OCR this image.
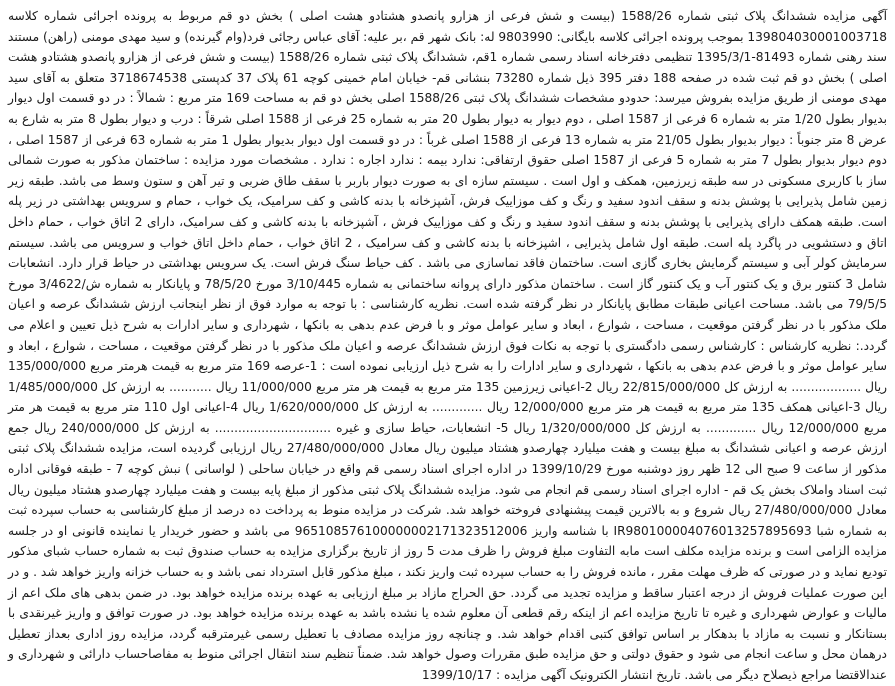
آگهی مزایده ششدانگ پلاک ثبتی شماره 1588/26 (بیست و شش فرعی از هزارو پانصدو هشتادو هشت اصلی ) بخش دو قم مربوط به پرونده اجرائی شماره کلاسه 139804030001003718 بموجب پرونده اجرائی کلاسه بایگانی: 9803990 له: بانک شهر قم ،بر علیه: آقای عباس رجائی فرد(وام گیرنده) و سید مهدی مومنی (راهن) مستند سند رهنی شماره 81493-1395/3/1 تنظیمی دفترخانه اسناد رسمی شماره 1قم، ششدانگ پلاک ثبتی شماره 1588/26 (بیست و شش فرعی از هزارو پانصدو هشتادو هشت اصلی ) بخش دو قم ثبت شده در صفحه 188 دفتر 395 ذیل شماره 73280 بنشانی قم- خیابان امام خمینی کوچه 61 پلاک 37 کدپستی 3718674538 متعلق به آقای سید مهدی مومنی از طریق مزایده بفروش میرسد: حدودو مشخصات ششدانگ پلاک ثبتی 1588/26 اصلی بخش دو قم به مساحت 169 متر مربع : شمالاً : در دو قسمت اول دیوار بدیوار بطول 1/20 متر به شماره 6 فرعی از 1587 اصلی ، دوم دیوار به دیوار بطول 20 متر به شماره 25 فرعی از 1588 اصلی شرقاً : درب و دیوار بطول 8 متر به شارع به عرض 8 متر جنوباً : دیوار بدیوار بطول 21/05 متر به شماره 13 فرعی از 1588 اصلی غرباً : در دو قسمت اول دیوار بدیوار بطول 1 متر به شماره 63 فرعی از 1587 اصلی ، دوم دیوار بدیوار بطول 7 متر به شماره 5 فرعی از 1587 اصلی حقوق ارتفاقی: ندارد بیمه : ندارد اجاره : ندارد . مشخصات مورد مزایده : ساختمان مذکور به صورت شمالی ساز با کاربری مسکونی در سه طبقه زیرزمین، همکف و اول است . سیستم سازه ای به صورت دیوار باربر با سقف طاق ضربی و تیر آهن و ستون وسط می باشد. طبقه زیر زمین شامل پذیرایی با پوشش بدنه و سقف اندود سفید و رنگ و کف موزاییک فرش، آشپزخانه با بدنه کاشی و کف سرامیک، یک خواب ، حمام و سرویس بهداشتی در زیر پله است. طبقه همکف دارای پذیرایی با پوشش بدنه و سقف اندود سفید و رنگ و کف موزاییک فرش ، آشپزخانه با بدنه کاشی و کف سرامیک، دارای 2 اتاق خواب ، حمام داخل اتاق و دستشویی در پاگرد پله است. طبقه اول شامل پذیرایی ، اشپزخانه با بدنه کاشی و کف سرامیک ، 2 اتاق خواب ، حمام داخل اتاق خواب و سرویس می باشد. سیستم سرمایش کولر آبی و سیستم گرمایش بخاری گازی است. ساختمان فاقد نماسازی می باشد . کف حیاط سنگ فرش است. یک سرویس بهداشتی در حیاط قرار دارد. انشعابات شامل 3 کنتور برق و یک کنتور آب و یک کنتور گاز است . ساختمان مذکور دارای پروانه ساختمانی به شماره 3/10/445 مورخ 78/5/20 و پایانکار به شماره ش/3/4622 مورخ 79/5/5 می باشد. مساحت اعیانی طبقات مطابق پایانکار در نظر گرفته شده است. نظریه کارشناسی : با توجه به موارد فوق از نظر اینجانب ارزش ششدانگ عرصه و اعیان ملک مذکور با در نظر گرفتن موقعیت ، مساحت ، شوارع ، ابعاد و سایر عوامل موثر و با فرض عدم بدهی به بانکها ، شهرداری و سایر ادارات به شرح ذیل تعیین و اعلام می گردد.: نظریه کارشناس : کارشناس رسمی دادگستری با توجه به نکات فوق ارزش ششدانگ عرصه و اعیان ملک مذکور با در نظر گرفتن موقعیت ، مساحت ، شوارع ، ابعاد و سایر عوامل موثر و با فرض عدم بدهی به بانکها ، شهرداری و سایر ادارات را به شرح ذیل ارزیابی نموده است : 1-عرصه 169 متر مربع به قیمت هرمتر مربع 135/000/000 ریال .................. به ارزش کل 22/815/000/000 ریال 2-اعیانی زیرزمین 135 متر مربع به قیمت هر متر مربع 11/000/000 ریال ........... به ارزش کل 1/485/000/000 ریال 3-اعیانی همکف 135 متر مربع به قیمت هر متر مربع 12/000/000 ریال ............. به ارزش کل 1/620/000/000 ریال 4-اعیانی اول 110 متر مربع به قیمت هر متر مربع 12/000/000 ریال ............. به ارزش کل 1/320/000/000 ریال 5- انشعابات، حیاط سازی و غیره .............................. به ارزش کل 240/000/000 ریال جمع ارزش عرصه و اعیانی ششدانگ به مبلغ بیست و هفت میلیارد چهارصدو هشتاد میلیون ریال معادل 27/480/000/000 ریال ارزیابی گردیده است، مزایده ششدانگ پلاک ثبتی مذکور از ساعت 9 صبح الی 12 ظهر روز دوشنبه مورخ 1399/10/29 در اداره اجرای اسناد رسمی قم واقع در خیابان ساحلی ( لواسانی ) نبش کوچه 7 - طبقه فوقانی اداره ثبت اسناد واملاک بخش یک قم - اداره اجرای اسناد رسمی قم انجام می شود. مزایده ششدانگ پلاک ثبتی مذکور از مبلغ پایه بیست و هفت میلیارد چهارصدو هشتاد میلیون ریال معادل 27/480/000/000 ریال شروع و به بالاترین قیمت پیشنهادی فروخته خواهد شد. شرکت در مزایده منوط به پرداخت ده درصد از مبلغ کارشناسی به حساب سپرده ثبت به شماره شبا IR980100004076013257895693 با شناسه واریز 965108576100000002171323512006 می باشد و حضور خریدار یا نماینده قانونی او در جلسه مزایده الزامی است و برنده مزایده مکلف است مابه التفاوت مبلغ فروش را ظرف مدت 5 روز از تاریخ برگزاری مزایده به حساب صندوق ثبت به شماره حساب شبای مذکور تودیع نماید و در صورتی که ظرف مهلت مقرر ، مانده فروش را به حساب سپرده ثبت واریز نکند ، مبلغ مذکور قابل استرداد نمی باشد و به حساب خزانه واریز خواهد شد . و در این صورت عملیات فروش از درجه اعتبار ساقط و مزایده تجدید می گردد. حق الحراج مازاد بر مبلغ ارزیابی به عهده برنده مزایده خواهد بود. در ضمن بدهی های ملک اعم از مالیات و عوارض شهرداری و غیره تا تاریخ مزایده اعم از اینکه رقم قطعی آن معلوم شده یا نشده باشد به عهده برنده مزایده خواهد بود. در صورت توافق و واریز غیرنقدی با بستانکار و نسبت به مازاد با بدهکار بر اساس توافق کتبی اقدام خواهد شد. و چنانچه روز مزایده مصادف با تعطیل رسمی غیرمترقبه گردد، مزایده روز اداری بعداز تعطیل درهمان محل و ساعت انجام می شود و حقوق دولتی و حق مزایده طبق مقررات وصول خواهد شد. ضمناً تنظیم سند انتقال اجرائی منوط به مفاصاحساب دارائی و شهرداری و عندالاقتضا مراجع ذیصلاح دیگر می باشد. تاریخ انتشار الکترونیک آگهی مزایده : 1399/10/17
